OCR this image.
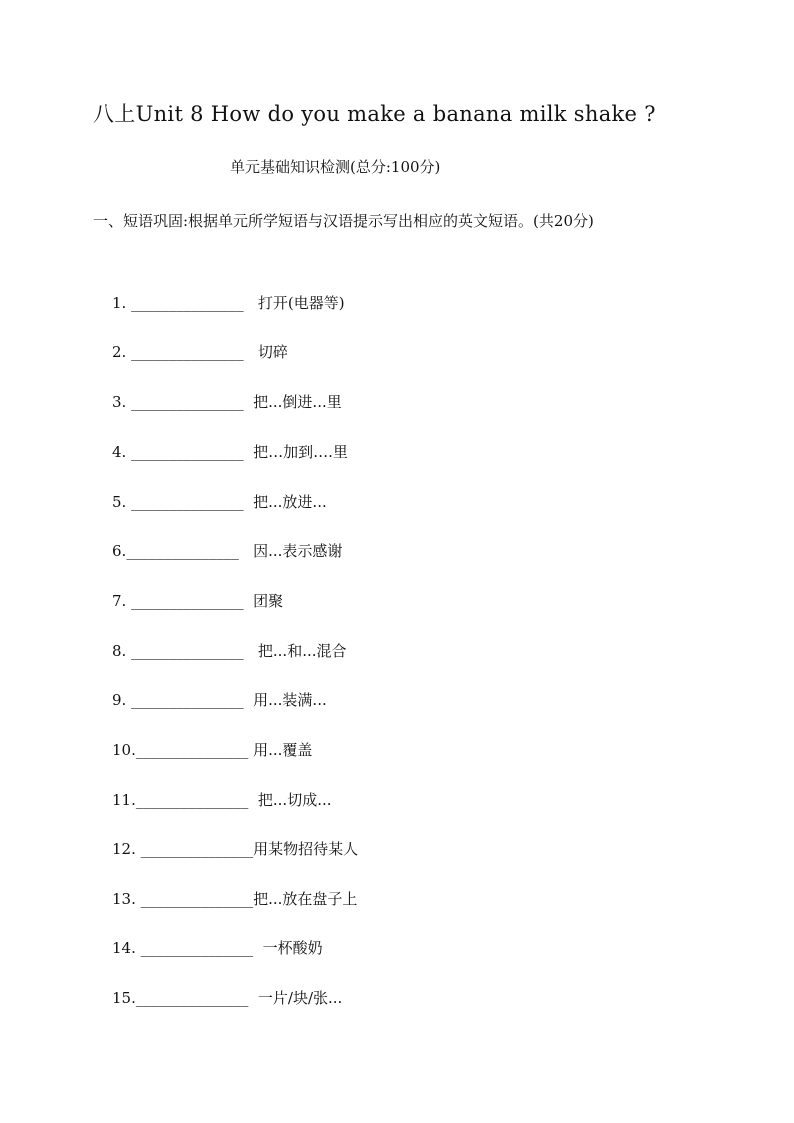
八上Unit 8 How do you make a banana milk shake ?
单元基础知识检测(总分:100分)
一、短语巩固:根据单元所学短语与汉语提示写出相应的英文短语。(共20分)
1. _______________   打开(电器等)
2. _______________   切碎
3. _______________  把...倒进...里
4. _______________  把…加到….里
5. _______________  把...放进...
6._______________   因...表示感谢
7. _______________  团聚
8. _______________   把...和...混合
9. _______________  用...装满...
10._______________ 用...覆盖
11._______________  把...切成...
12. _______________用某物招待某人
13. _______________把...放在盘子上
14. _______________  一杯酸奶
15._______________  一片/块/张...
